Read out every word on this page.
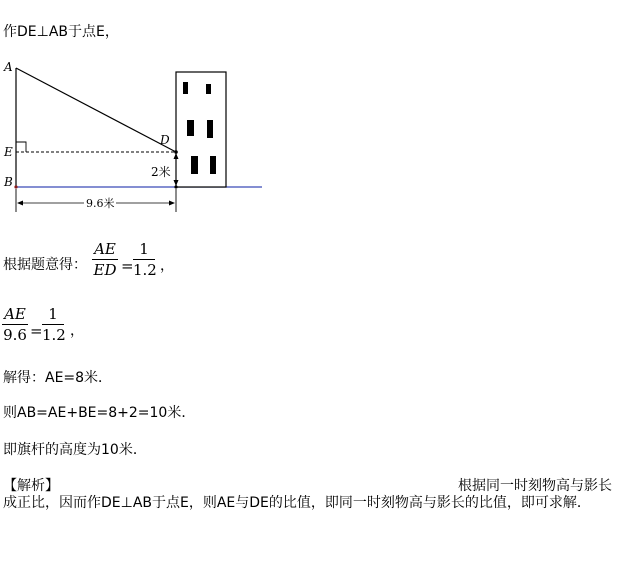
作DE⊥AB于点E，
A
E
B
D
2米
9.6米
根据题意得：
AE
ED =
1
1.2 ，
AE
9.6 =
1
1.2 ，
解得：AE=8米．
则AB=AE+BE=8+2=10米．
即旗杆的高度为10米．
【解析】	根据同一时刻物高与影长
成正比，因而作DE⊥AB于点E，则AE与DE的比值，即同一时刻物高与影长的比值，即可求解．
